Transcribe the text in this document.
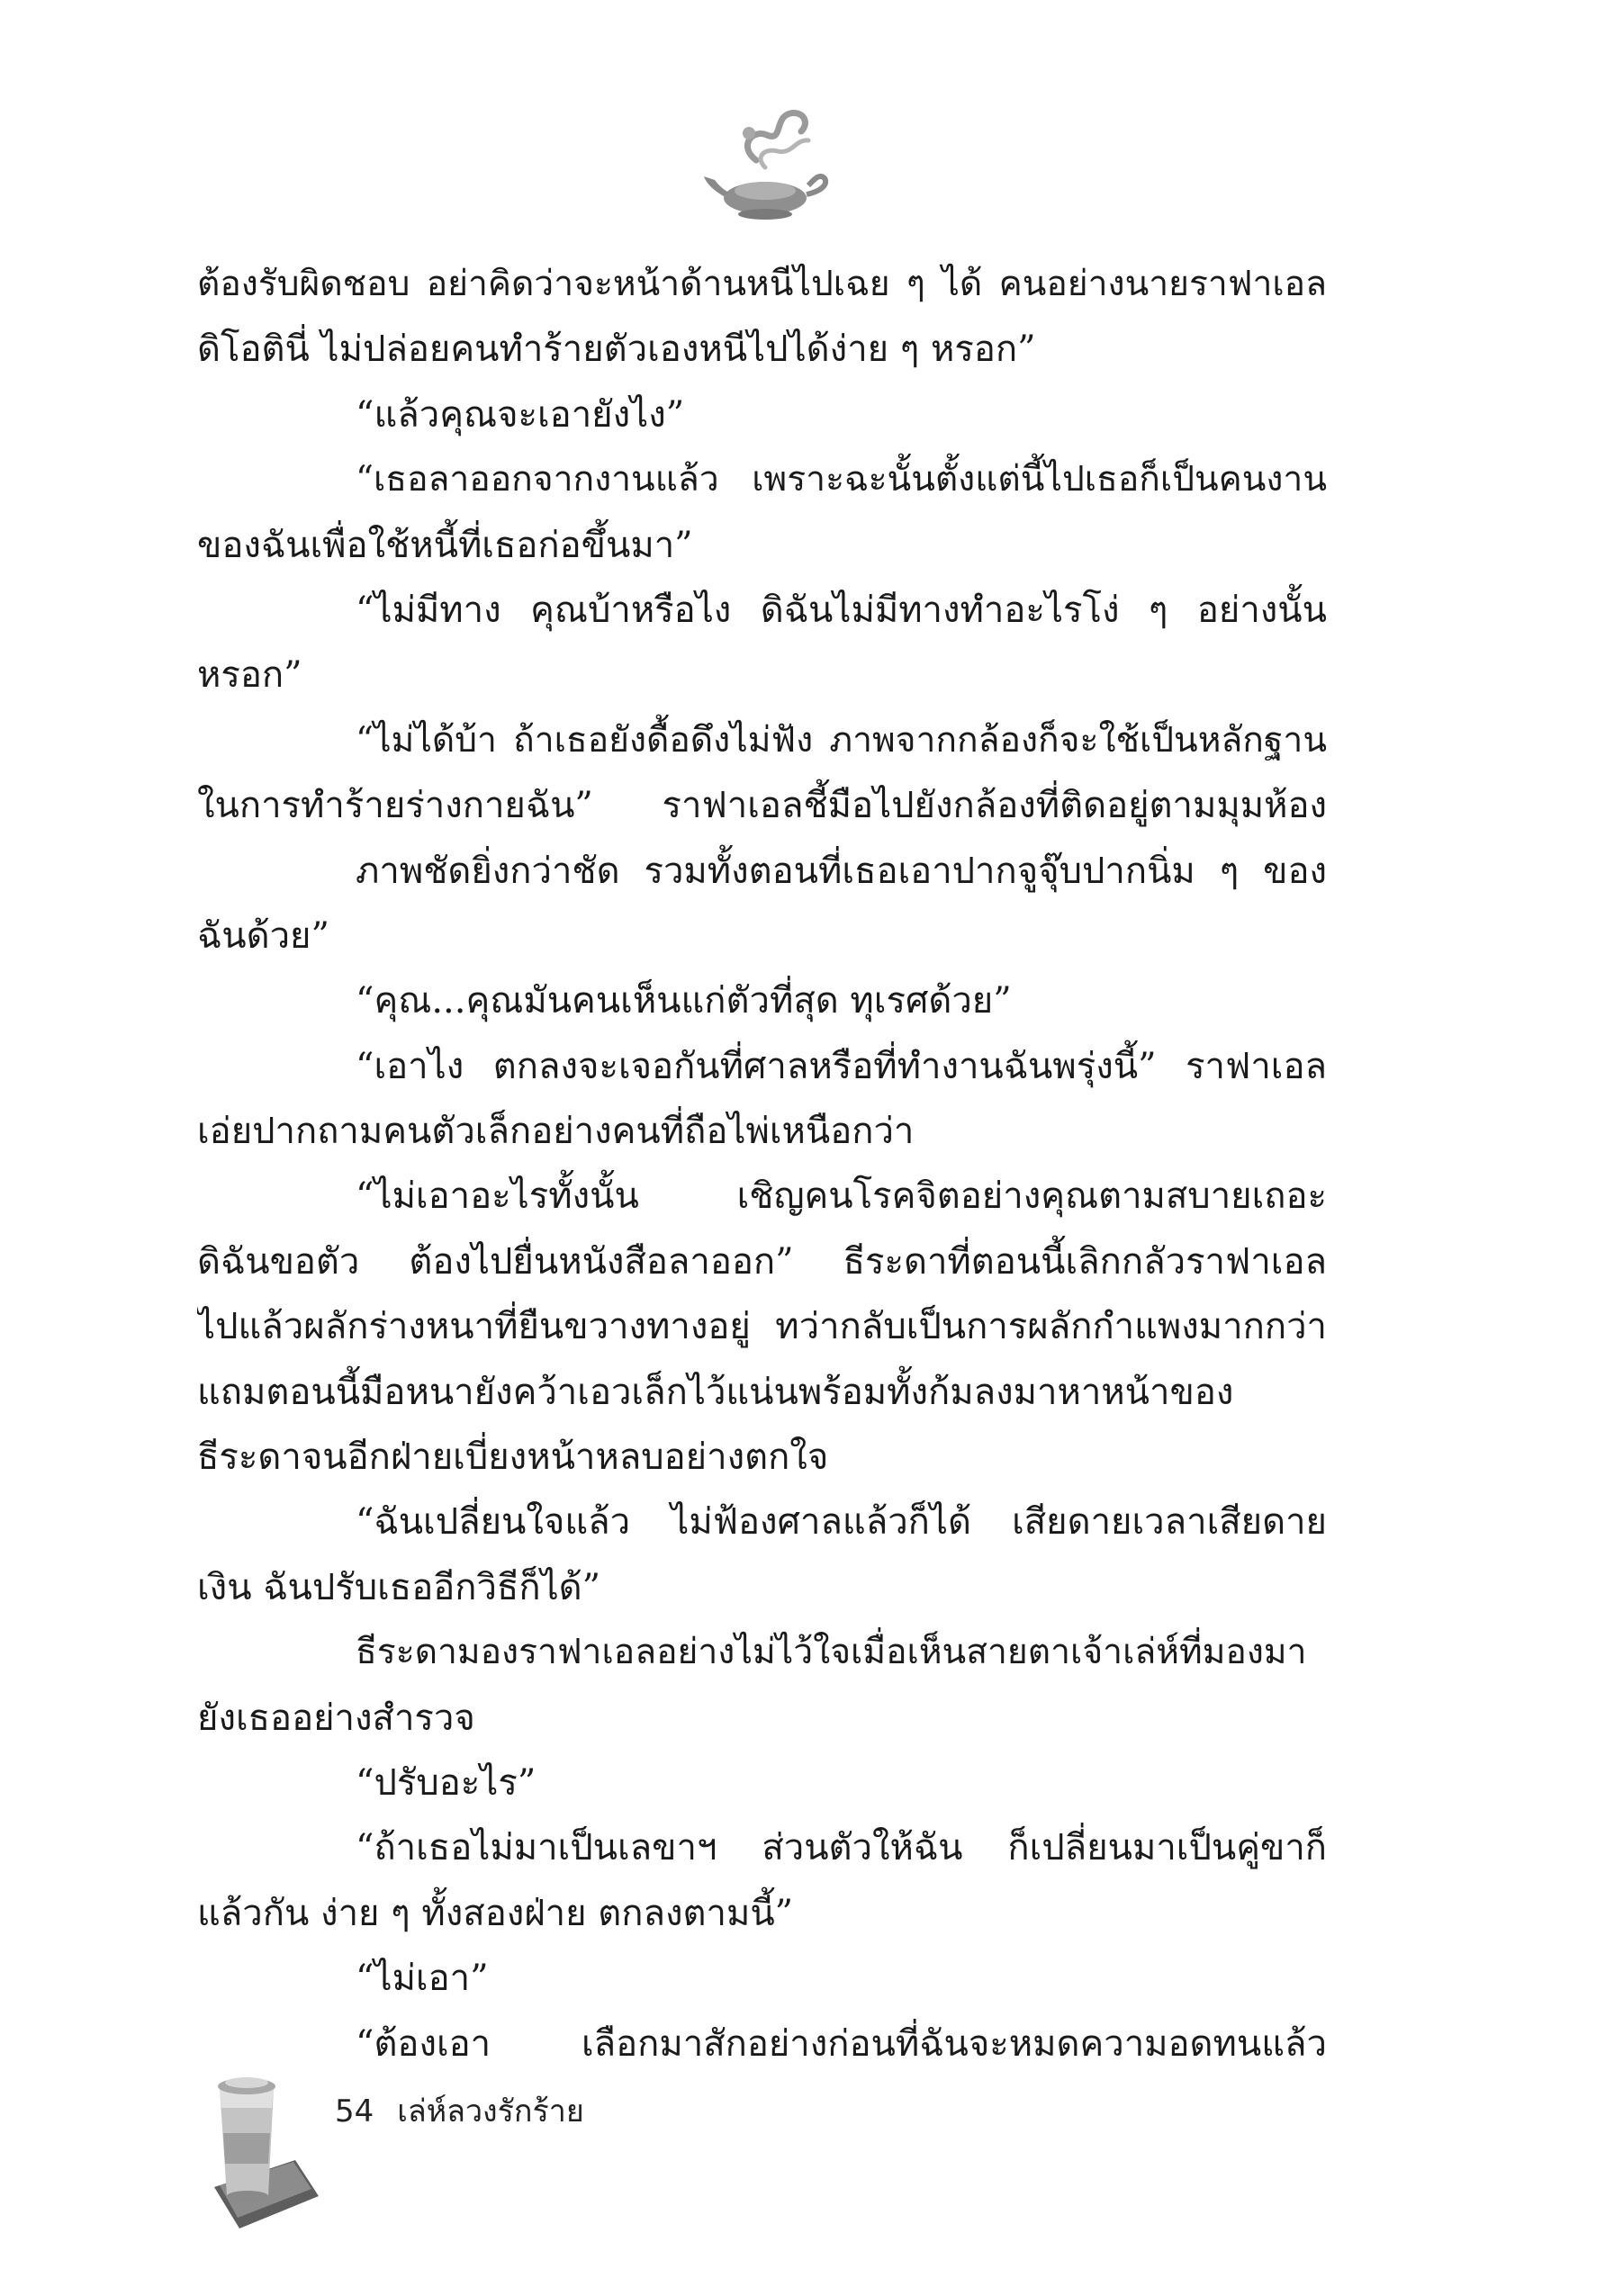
ต้องรับผิดชอบ อย่าคิดว่าจะหน้าด้านหนีไปเฉย ๆ ได้ คนอย่างนายราฟาเอล
ดิโอตินี่ ไม่ปล่อยคนทำร้ายตัวเองหนีไปได้ง่าย ๆ หรอก”
“แล้วคุณจะเอายังไง”
“เธอลาออกจากงานแล้ว เพราะฉะนั้นตั้งแต่นี้ไปเธอก็เป็นคนงาน
ของฉันเพื่อใช้หนี้ที่เธอก่อขึ้นมา”
“ไม่มีทาง คุณบ้าหรือไง ดิฉันไม่มีทางทำอะไรโง่ ๆ อย่างนั้น
หรอก”
“ไม่ได้บ้า ถ้าเธอยังดื้อดึงไม่ฟัง ภาพจากกล้องก็จะใช้เป็นหลักฐาน
ในการทำร้ายร่างกายฉัน” ราฟาเอลชี้มือไปยังกล้องที่ติดอยู่ตามมุมห้อง
ภาพชัดยิ่งกว่าชัด รวมทั้งตอนที่เธอเอาปากจูจุ๊บปากนิ่ม ๆ ของ
ฉันด้วย”
“คุณ...คุณมันคนเห็นแก่ตัวที่สุด ทุเรศด้วย”
“เอาไง ตกลงจะเจอกันที่ศาลหรือที่ทำงานฉันพรุ่งนี้” ราฟาเอล
เอ่ยปากถามคนตัวเล็กอย่างคนที่ถือไพ่เหนือกว่า
“ไม่เอาอะไรทั้งนั้น เชิญคนโรคจิตอย่างคุณตามสบายเถอะ
ดิฉันขอตัว ต้องไปยื่นหนังสือลาออก” ธีระดาที่ตอนนี้เลิกกลัวราฟาเอล
ไปแล้วผลักร่างหนาที่ยืนขวางทางอยู่ ทว่ากลับเป็นการผลักกำแพงมากกว่า
แถมตอนนี้มือหนายังคว้าเอวเล็กไว้แน่นพร้อมทั้งก้มลงมาหาหน้าของ
ธีระดาจนอีกฝ่ายเบี่ยงหน้าหลบอย่างตกใจ
“ฉันเปลี่ยนใจแล้ว ไม่ฟ้องศาลแล้วก็ได้ เสียดายเวลาเสียดาย
เงิน ฉันปรับเธออีกวิธีก็ได้”
ธีระดามองราฟาเอลอย่างไม่ไว้ใจเมื่อเห็นสายตาเจ้าเล่ห์ที่มองมา
ยังเธออย่างสำรวจ
“ปรับอะไร”
“ถ้าเธอไม่มาเป็นเลขาฯ ส่วนตัวให้ฉัน ก็เปลี่ยนมาเป็นคู่ขาก็
แล้วกัน ง่าย ๆ ทั้งสองฝ่าย ตกลงตามนี้”
“ไม่เอา”
“ต้องเอา เลือกมาสักอย่างก่อนที่ฉันจะหมดความอดทนแล้ว
54 เล่ห์ลวงรักร้าย
